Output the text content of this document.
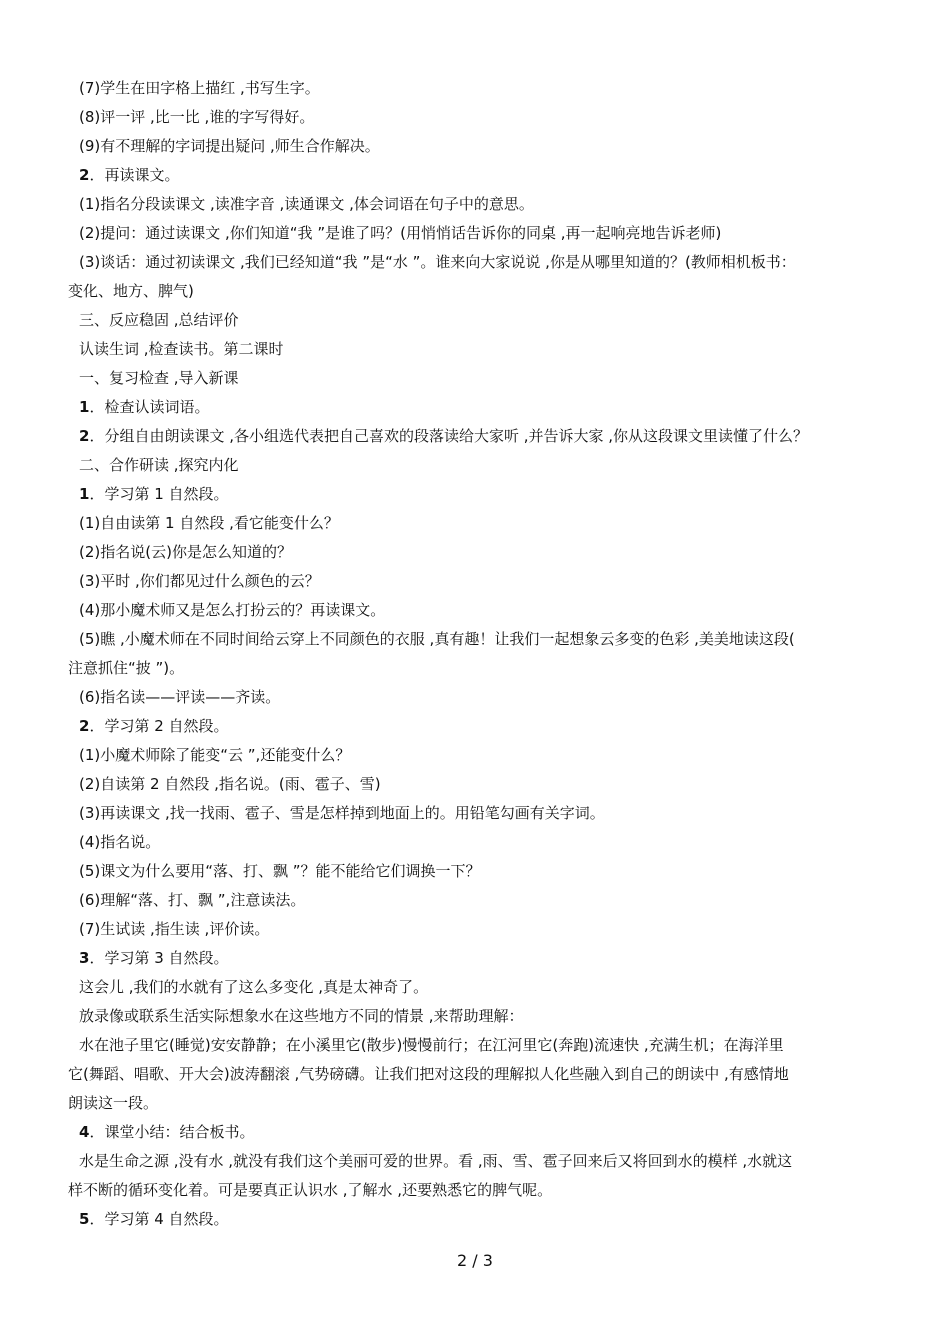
(7)学生在田字格上描红 ,书写生字。
(8)评一评 ,比一比 ,谁的字写得好。
(9)有不理解的字词提出疑问 ,师生合作解决。
2．再读课文。
(1)指名分段读课文 ,读准字音 ,读通课文 ,体会词语在句子中的意思。
(2)提问：通过读课文 ,你们知道“我 ”是谁了吗？(用悄悄话告诉你的同桌 ,再一起响亮地告诉老师)
(3)谈话：通过初读课文 ,我们已经知道“我 ”是“水 ”。谁来向大家说说 ,你是从哪里知道的？(教师相机板书：
变化、地方、脾气)
三、反应稳固 ,总结评价
认读生词 ,检查读书。第二课时
一、复习检查 ,导入新课
1．检查认读词语。
2．分组自由朗读课文 ,各小组选代表把自己喜欢的段落读给大家听 ,并告诉大家 ,你从这段课文里读懂了什么？
二、合作研读 ,探究内化
1．学习第 1 自然段。
(1)自由读第 1 自然段 ,看它能变什么？
(2)指名说(云)你是怎么知道的？
(3)平时 ,你们都见过什么颜色的云？
(4)那小魔术师又是怎么打扮云的？再读课文。
(5)瞧 ,小魔术师在不同时间给云穿上不同颜色的衣服 ,真有趣！让我们一起想象云多变的色彩 ,美美地读这段(
注意抓住“披 ”)。
(6)指名读——评读——齐读。
2．学习第 2 自然段。
(1)小魔术师除了能变“云 ”,还能变什么？
(2)自读第 2 自然段 ,指名说。(雨、雹子、雪)
(3)再读课文 ,找一找雨、雹子、雪是怎样掉到地面上的。用铅笔勾画有关字词。
(4)指名说。
(5)课文为什么要用“落、打、飘 ”？能不能给它们调换一下？
(6)理解“落、打、飘 ”,注意读法。
(7)生试读 ,指生读 ,评价读。
3．学习第 3 自然段。
这会儿 ,我们的水就有了这么多变化 ,真是太神奇了。
放录像或联系生活实际想象水在这些地方不同的情景 ,来帮助理解：
水在池子里它(睡觉)安安静静；在小溪里它(散步)慢慢前行；在江河里它(奔跑)流速快 ,充满生机；在海洋里
它(舞蹈、唱歌、开大会)波涛翻滚 ,气势磅礴。让我们把对这段的理解拟人化些融入到自己的朗读中 ,有感情地
朗读这一段。
4．课堂小结：结合板书。
水是生命之源 ,没有水 ,就没有我们这个美丽可爱的世界。看 ,雨、雪、雹子回来后又将回到水的模样 ,水就这
样不断的循环变化着。可是要真正认识水 ,了解水 ,还要熟悉它的脾气呢。
5．学习第 4 自然段。
2 / 3
